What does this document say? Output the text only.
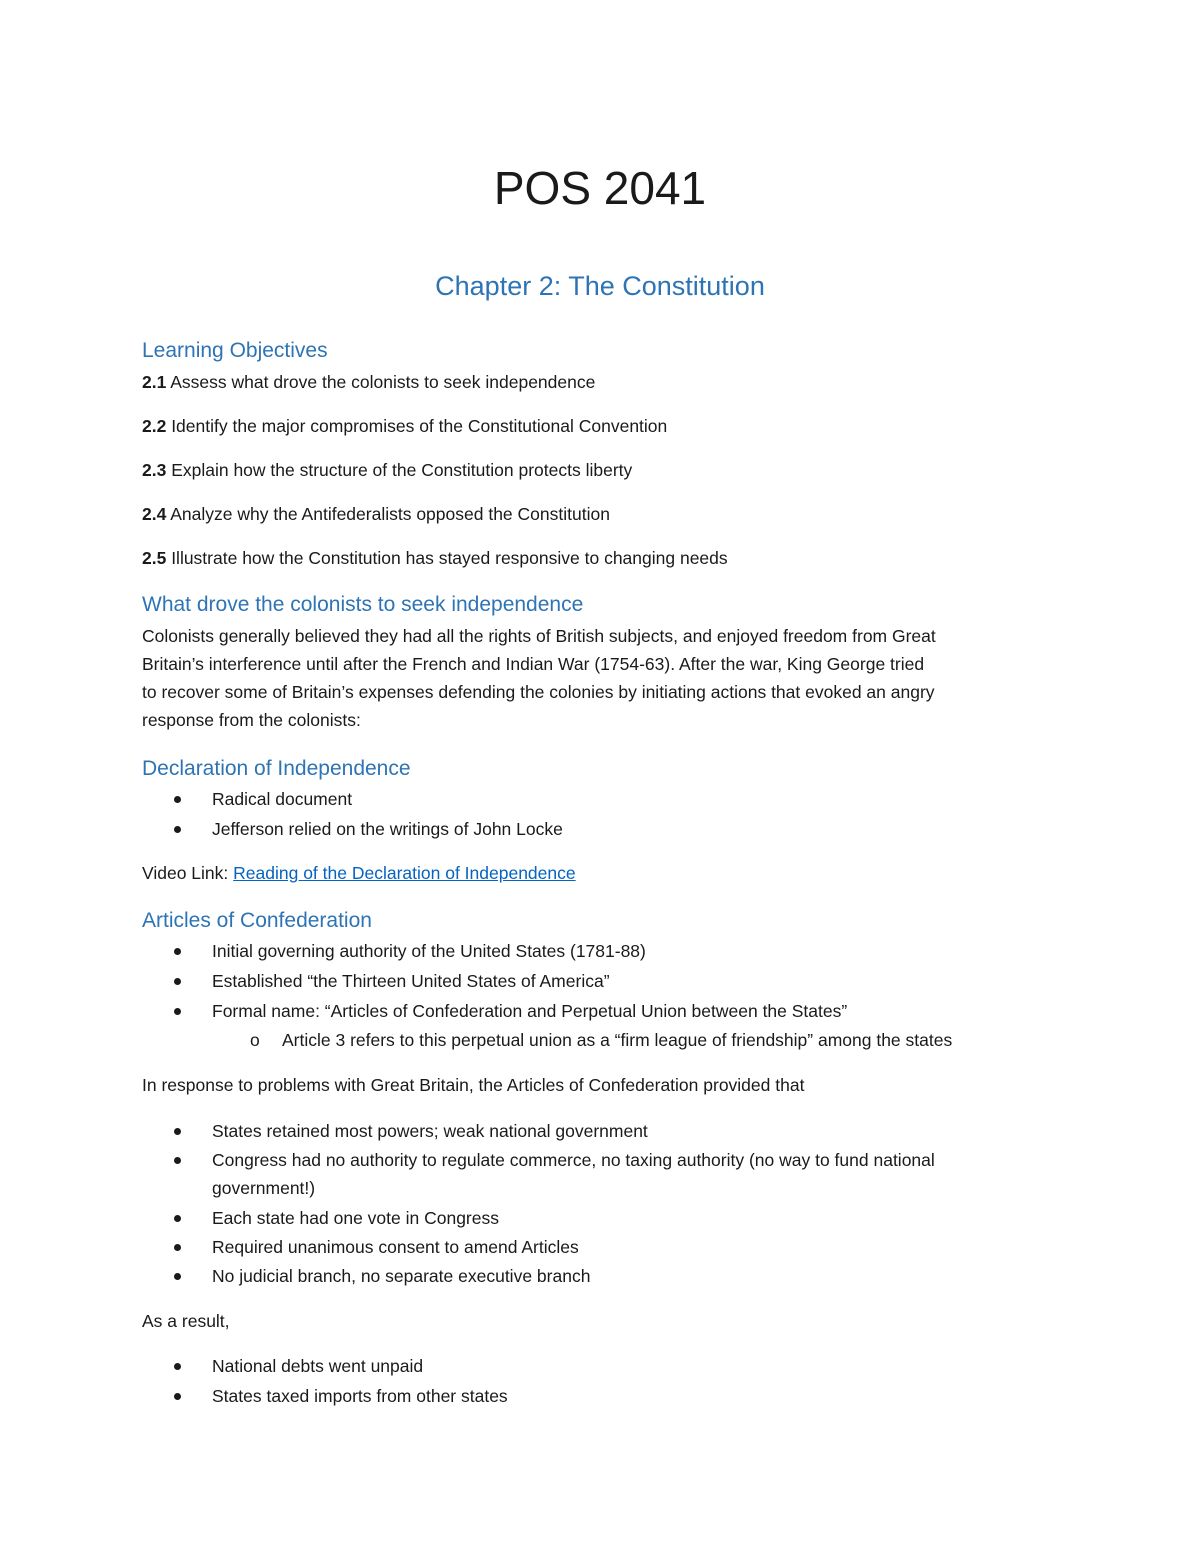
POS 2041
Chapter 2: The Constitution
Learning Objectives
2.1 Assess what drove the colonists to seek independence
2.2 Identify the major compromises of the Constitutional Convention
2.3 Explain how the structure of the Constitution protects liberty
2.4 Analyze why the Antifederalists opposed the Constitution
2.5 Illustrate how the Constitution has stayed responsive to changing needs
What drove the colonists to seek independence
Colonists generally believed they had all the rights of British subjects, and enjoyed freedom from Great
Britain’s interference until after the French and Indian War (1754-63). After the war, King George tried
to recover some of Britain’s expenses defending the colonies by initiating actions that evoked an angry
response from the colonists:
Declaration of Independence
Radical document
Jefferson relied on the writings of John Locke
Video Link: Reading of the Declaration of Independence
Articles of Confederation
Initial governing authority of the United States (1781-88)
Established “the Thirteen United States of America”
Formal name: “Articles of Confederation and Perpetual Union between the States”
o Article 3 refers to this perpetual union as a “firm league of friendship” among the states
In response to problems with Great Britain, the Articles of Confederation provided that
States retained most powers; weak national government
Congress had no authority to regulate commerce, no taxing authority (no way to fund national
government!)
Each state had one vote in Congress
Required unanimous consent to amend Articles
No judicial branch, no separate executive branch
As a result,
National debts went unpaid
States taxed imports from other states
